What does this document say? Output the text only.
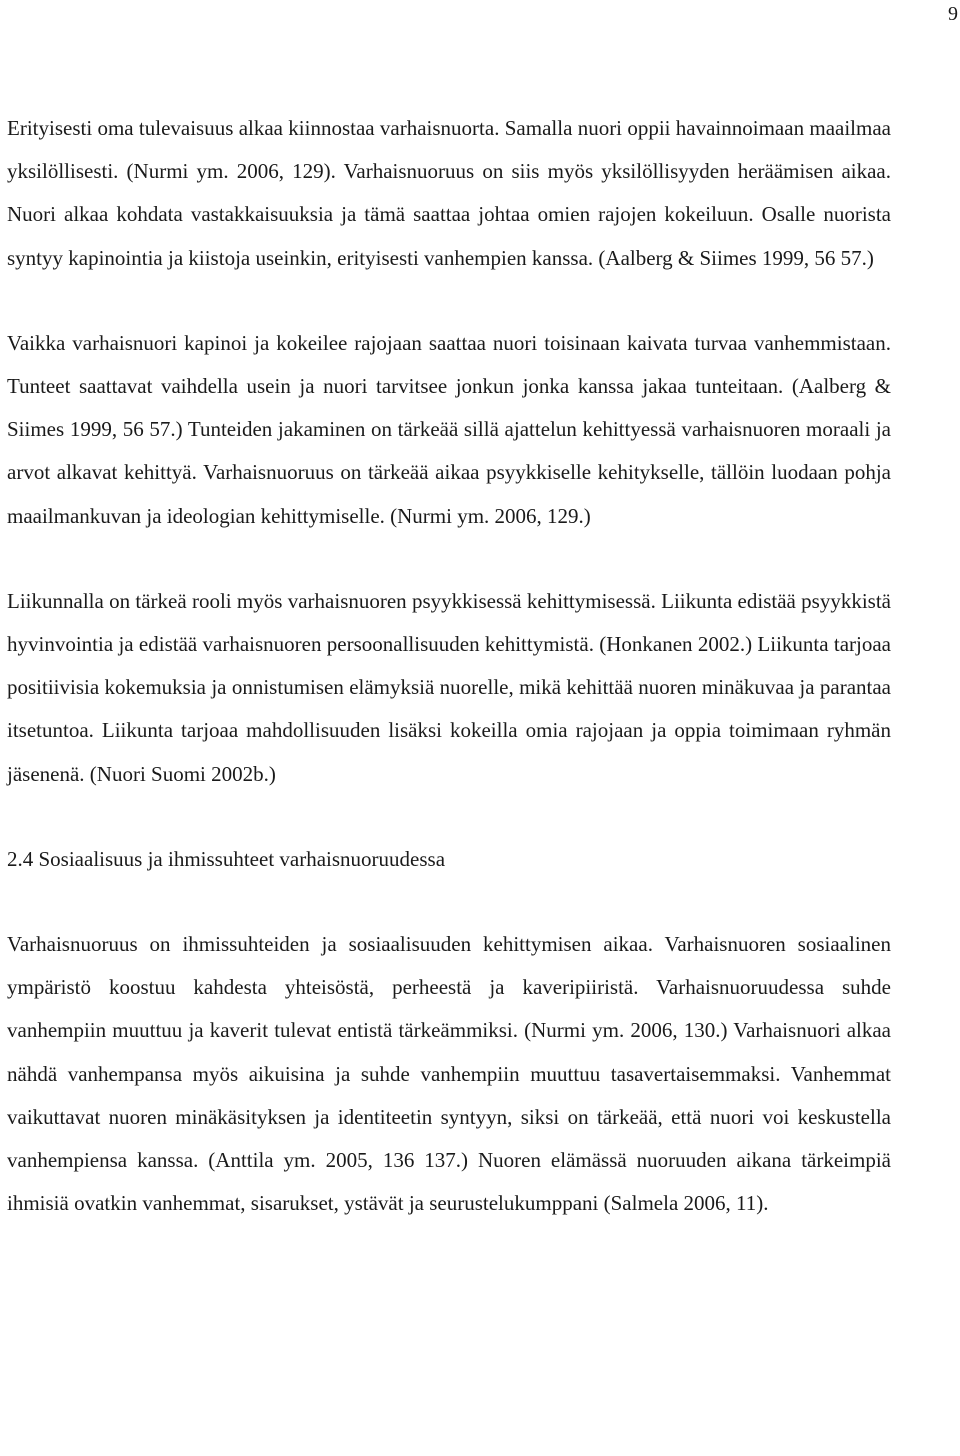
9

Erityisesti oma tulevaisuus alkaa kiinnostaa varhaisnuorta. Samalla nuori oppii havainnoimaan maailmaa yksilöllisesti. (Nurmi ym. 2006, 129). Varhaisnuoruus on siis myös yksilöllisyyden heräämisen aikaa. Nuori alkaa kohdata vastakkaisuuksia ja tämä saattaa johtaa omien rajojen kokeiluun. Osalle nuorista syntyy kapinointia ja kiistoja useinkin, erityisesti vanhempien kanssa. (Aalberg & Siimes 1999, 56 57.)

Vaikka varhaisnuori kapinoi ja kokeilee rajojaan saattaa nuori toisinaan kaivata turvaa vanhemmistaan. Tunteet saattavat vaihdella usein ja nuori tarvitsee jonkun jonka kanssa jakaa tunteitaan. (Aalberg & Siimes 1999, 56 57.) Tunteiden jakaminen on tärkeää sillä ajattelun kehittyessä varhaisnuoren moraali ja arvot alkavat kehittyä. Varhaisnuoruus on tärkeää aikaa psyykkiselle kehitykselle, tällöin luodaan pohja maailmankuvan ja ideologian kehittymiselle. (Nurmi ym. 2006, 129.)

Liikunnalla on tärkeä rooli myös varhaisnuoren psyykkisessä kehittymisessä. Liikunta edistää psyykkistä hyvinvointia ja edistää varhaisnuoren persoonallisuuden kehittymistä. (Honkanen 2002.) Liikunta tarjoaa positiivisia kokemuksia ja onnistumisen elämyksiä nuorelle, mikä kehittää nuoren minäkuvaa ja parantaa itsetuntoa. Liikunta tarjoaa mahdollisuuden lisäksi kokeilla omia rajojaan ja oppia toimimaan ryhmän jäsenenä. (Nuori Suomi 2002b.)

2.4 Sosiaalisuus ja ihmissuhteet varhaisnuoruudessa

Varhaisnuoruus on ihmissuhteiden ja sosiaalisuuden kehittymisen aikaa. Varhaisnuoren sosiaalinen ympäristö koostuu kahdesta yhteisöstä, perheestä ja kaveripiiristä. Varhaisnuoruudessa suhde vanhempiin muuttuu ja kaverit tulevat entistä tärkeämmiksi. (Nurmi ym. 2006, 130.) Varhaisnuori alkaa nähdä vanhempansa myös aikuisina ja suhde vanhempiin muuttuu tasavertaisemmaksi. Vanhemmat vaikuttavat nuoren minäkäsityksen ja identiteetin syntyyn, siksi on tärkeää, että nuori voi keskustella vanhempiensa kanssa. (Anttila ym. 2005, 136 137.) Nuoren elämässä nuoruuden aikana tärkeimpiä ihmisiä ovatkin vanhemmat, sisarukset, ystävät ja seurustelukumppani (Salmela 2006, 11).
